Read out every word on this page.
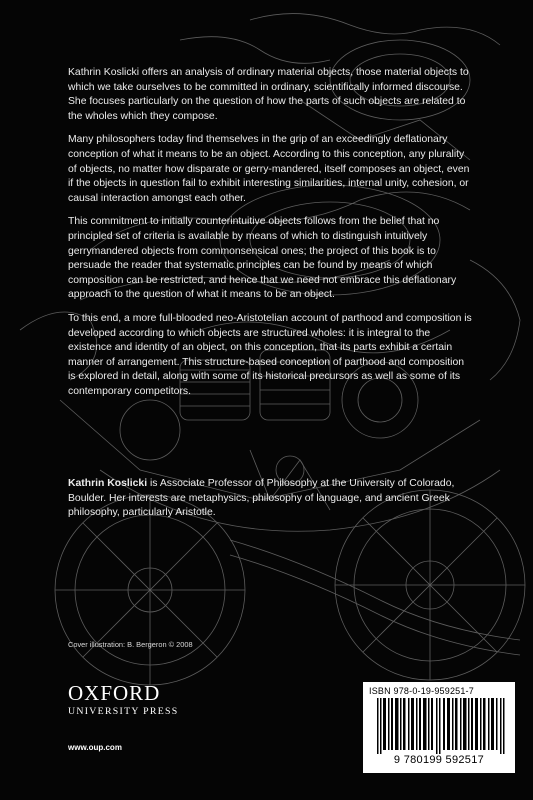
Kathrin Koslicki offers an analysis of ordinary material objects, those material objects to which we take ourselves to be committed in ordinary, scientifically informed discourse. She focuses particularly on the question of how the parts of such objects are related to the wholes which they compose.

Many philosophers today find themselves in the grip of an exceedingly deflationary conception of what it means to be an object. According to this conception, any plurality of objects, no matter how disparate or gerry-mandered, itself composes an object, even if the objects in question fail to exhibit interesting similarities, internal unity, cohesion, or causal interaction amongst each other.

This commitment to initially counterintuitive objects follows from the belief that no principled set of criteria is available by means of which to distinguish intuitively gerrymandered objects from commonsensical ones; the project of this book is to persuade the reader that systematic principles can be found by means of which composition can be restricted, and hence that we need not embrace this deflationary approach to the question of what it means to be an object.

To this end, a more full-blooded neo-Aristotelian account of parthood and composition is developed according to which objects are structured wholes: it is integral to the existence and identity of an object, on this conception, that its parts exhibit a certain manner of arrangement. This structure-based conception of parthood and composition is explored in detail, along with some of its historical precursors as well as some of its contemporary competitors.

Kathrin Koslicki is Associate Professor of Philosophy at the University of Colorado, Boulder. Her interests are metaphysics, philosophy of language, and ancient Greek philosophy, particularly Aristotle.
Cover illustration: B. Bergeron © 2008
OXFORD
UNIVERSITY PRESS
www.oup.com
ISBN 978-0-19-959251-7
9 780199 592517
